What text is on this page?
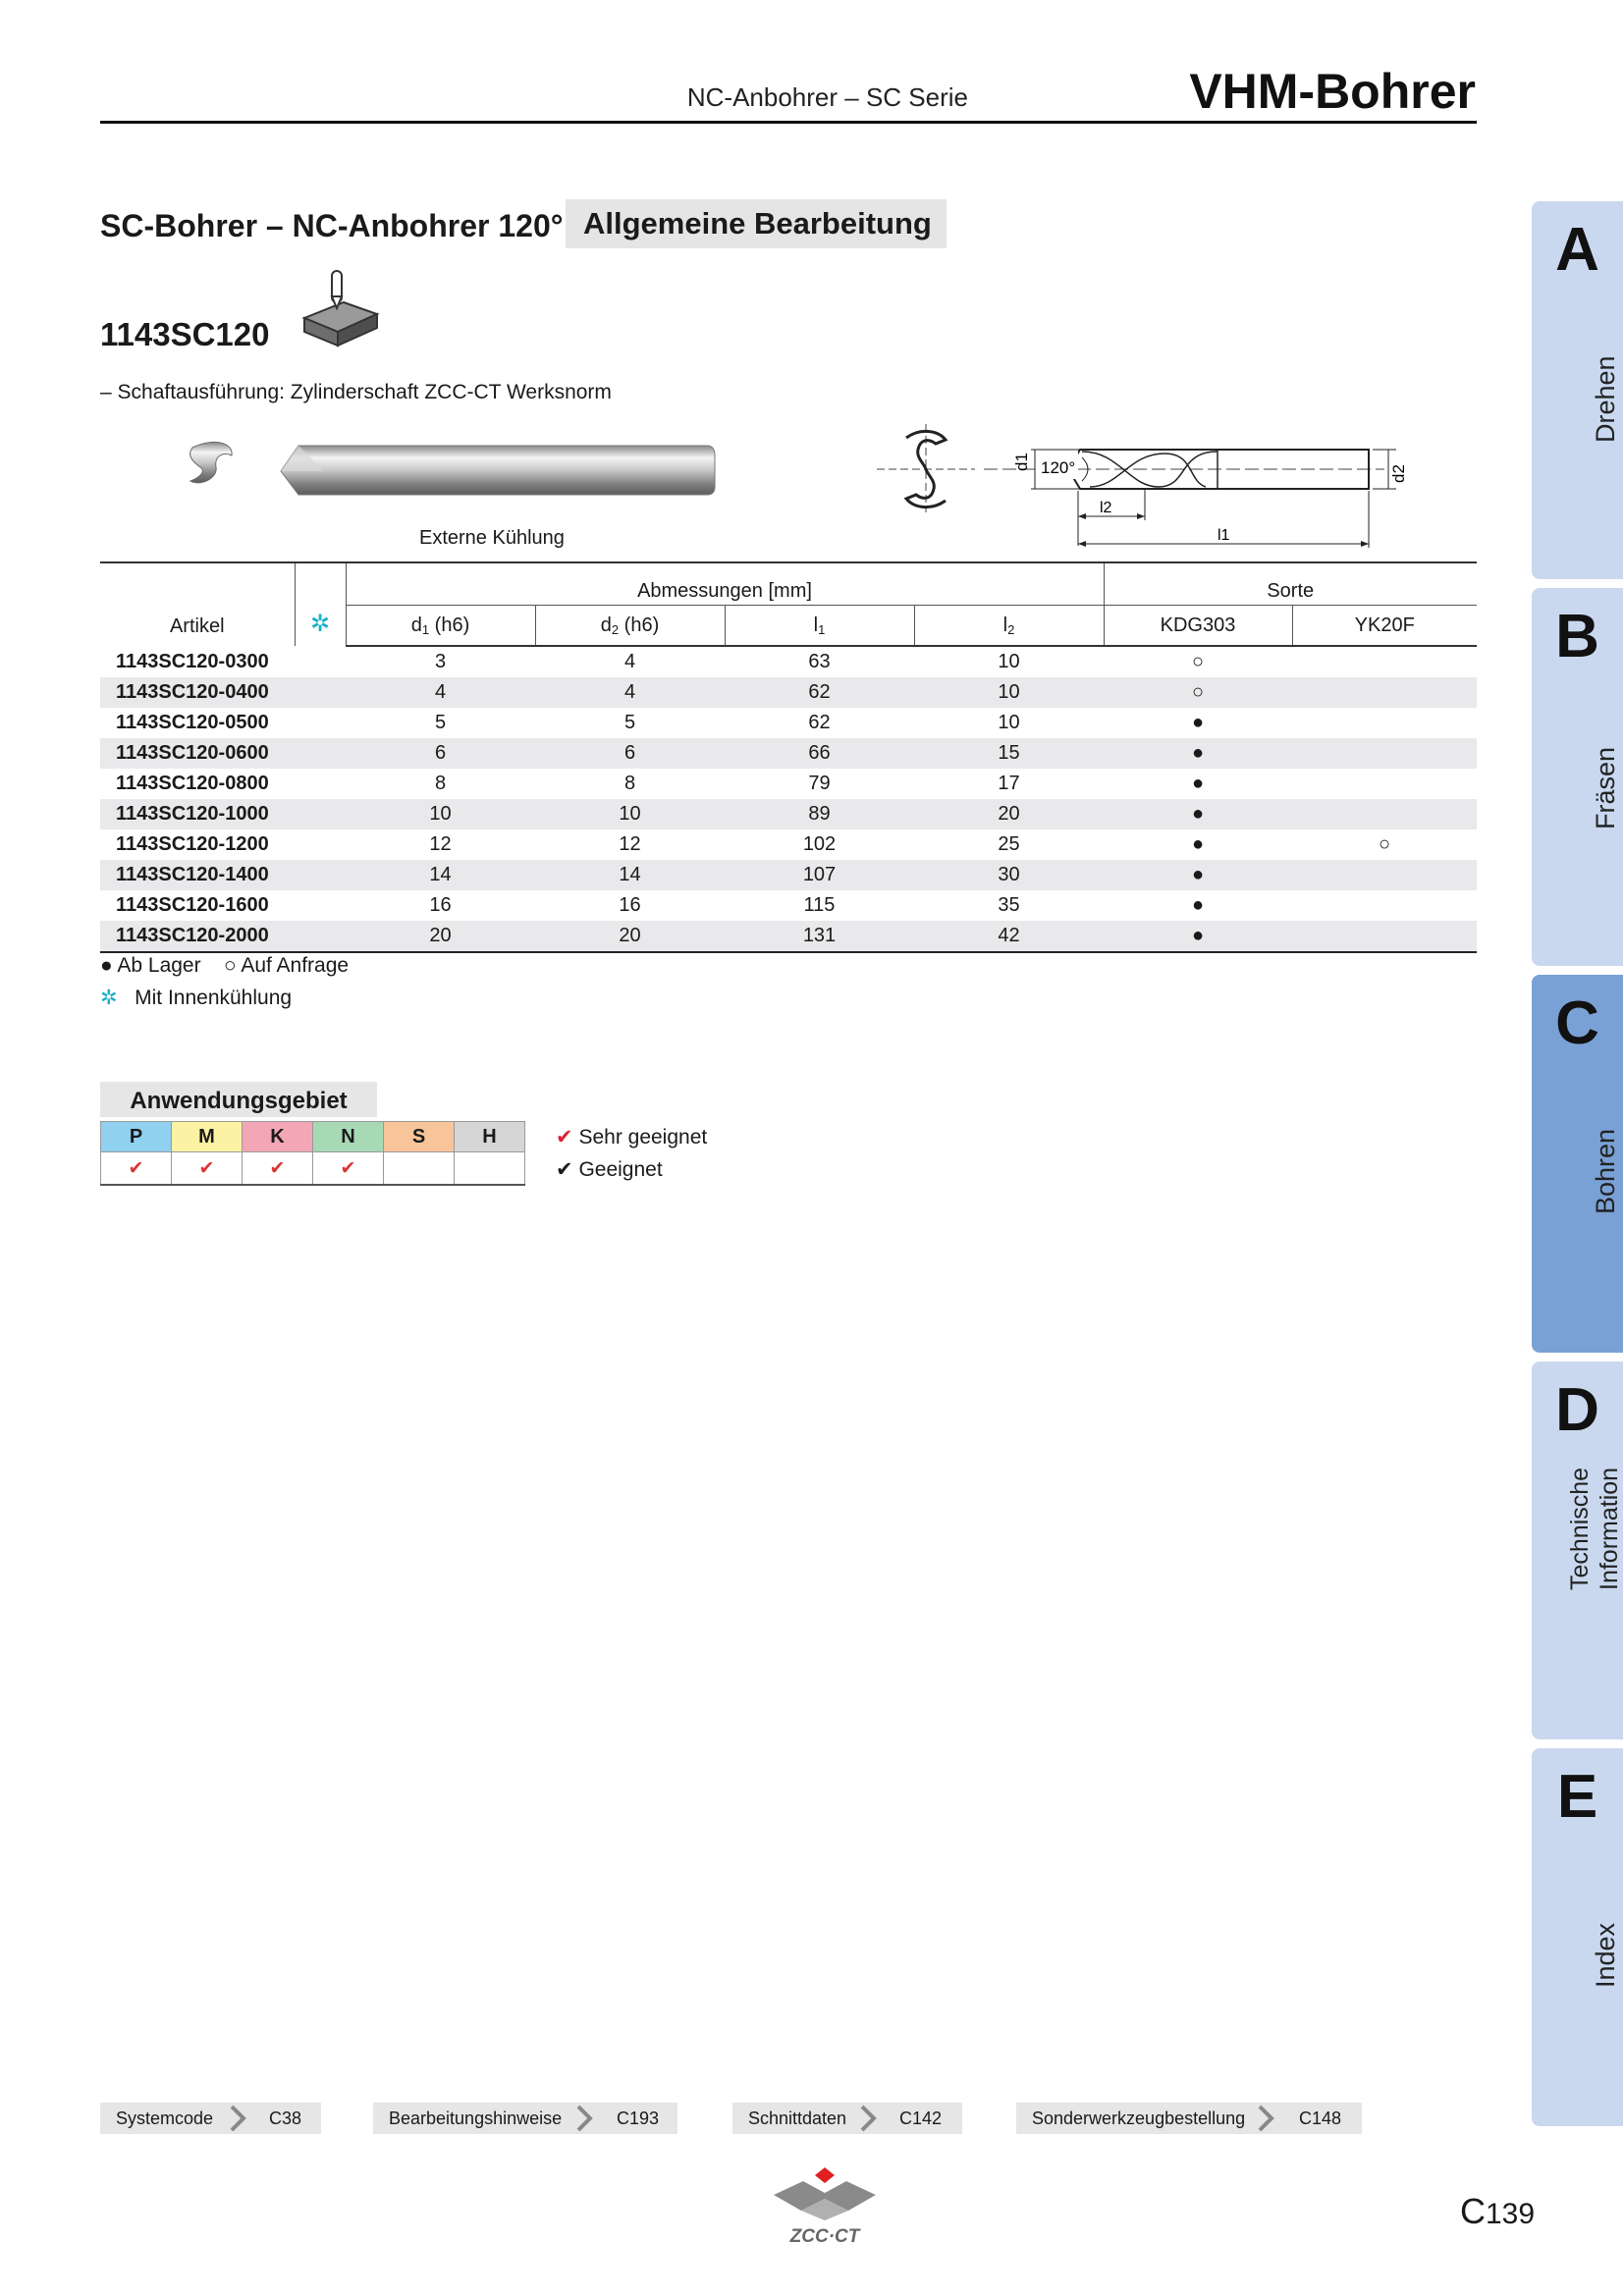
NC-Anbohrer – SC Serie	VHM-Bohrer
A
Drehen
B
Fräsen
C
Bohren
D
Technische Information
E
Index
SC-Bohrer – NC-Anbohrer 120° Allgemeine Bearbeitung
1143SC120
– Schaftausführung: Zylinderschaft ZCC-CT Werksnorm
Externe Kühlung
d1 120°	d2
l2
l1
Artikel	✲	Abmessungen [mm]				Sorte	
		$d_1$ (h6)	$d_2$ (h6)	$l_1$	$l_2$	KDG303	YK20F
1143SC120-0300		3	4	63	10	○	
1143SC120-0400		4	4	62	10	○	
1143SC120-0500		5	5	62	10	●	
1143SC120-0600		6	6	66	15	●	
1143SC120-0800		8	8	79	17	●	
1143SC120-1000		10	10	89	20	●	
1143SC120-1200		12	12	102	25	●	○
1143SC120-1400		14	14	107	30	●	
1143SC120-1600		16	16	115	35	●	
1143SC120-2000		20	20	131	42	●	
● Ab Lager ○ Auf Anfrage
✲ Mit Innenkühlung
Anwendungsgebiet
P	M	K	N	S	H
✔	✔	✔	✔		
✔ Sehr geeignet
✔ Geeignet
Systemcode	C38	Bearbeitungshinweise	C193	Schnittdaten	C142	Sonderwerkzeugbestellung	C148
ZCC·CT
C139
